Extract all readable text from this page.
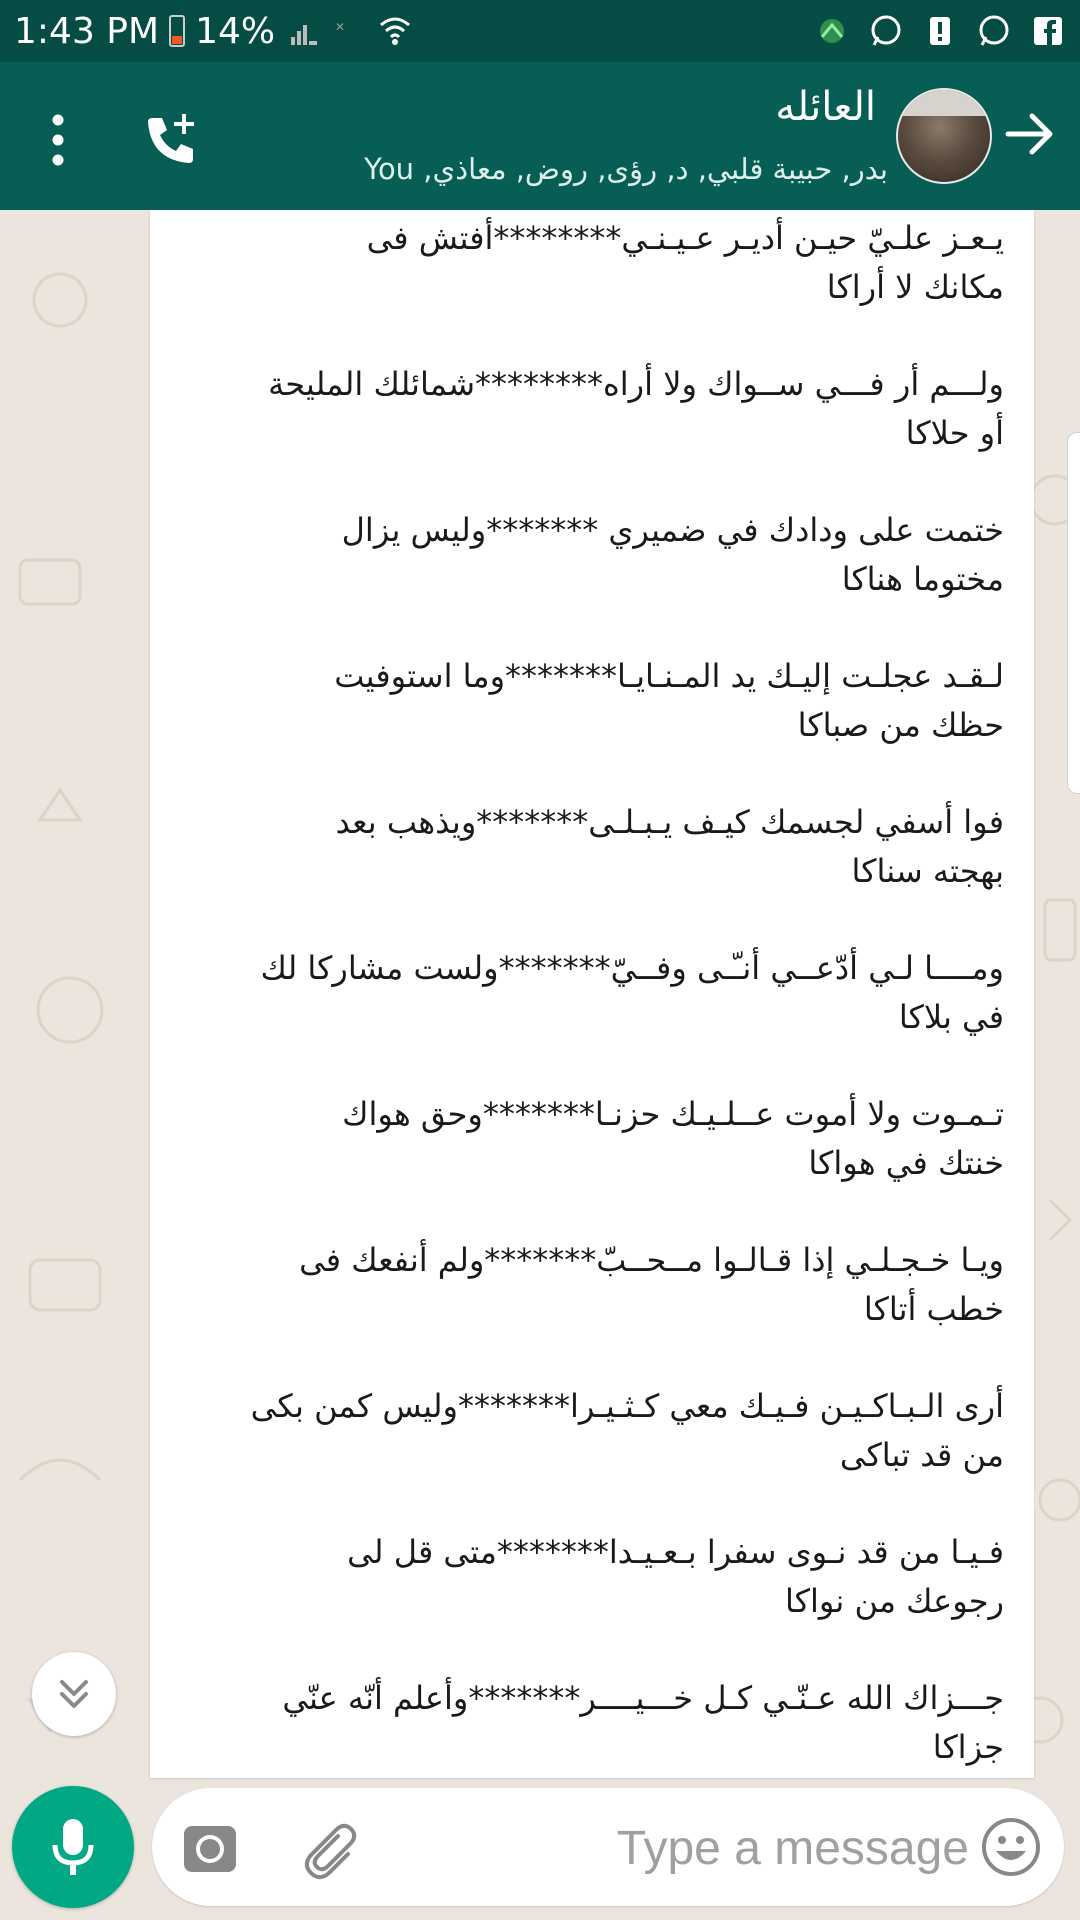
1:43 PM 14%	✕
العائله
بدر, حبيبة قلبي, د, رؤى, روض, معاذي, You
يـعـز علـيّ حيـن أديـر عـيـنـي********أفتش فى
مكانك لا أراكا
ولـــم أر فـــي ســواك ولا أراه********شمائلك المليحة
أو حلاكا
ختمت على ودادك في ضميري *******وليس يزال
مختوما هناكا
لـقـد عجلـت إليـك يد المـنـايـا*******وما استوفيت
حظك من صباكا
فوا أسفي لجسمك كيـف يـبـلـى*******ويذهب بعد
بهجته سناكا
ومــــا لـي أدّعــي أنـّـى وفــيّ*******ولست مشاركا لك
في بلاكا
تـمـوت ولا أموت عــلـيـك حزنـا*******وحق هواك
خنتك في هواكا
ويـا خـجـلـي إذا قـالـوا مــحــبّ*******ولم أنفعك فى
خطب أتاكا
أرى الـبـاكـيـن فـيـك معي كـثـيـرا*******وليس كمن بكى
من قد تباكى
فـيـا من قد نـوى سفرا بـعـيـدا*******متى قل لى
رجوعك من نواكا
جـــزاك الله عـنّـي كـل خـــيــــر*******وأعلم أنّه عنّي
جزاكا
Type a message
